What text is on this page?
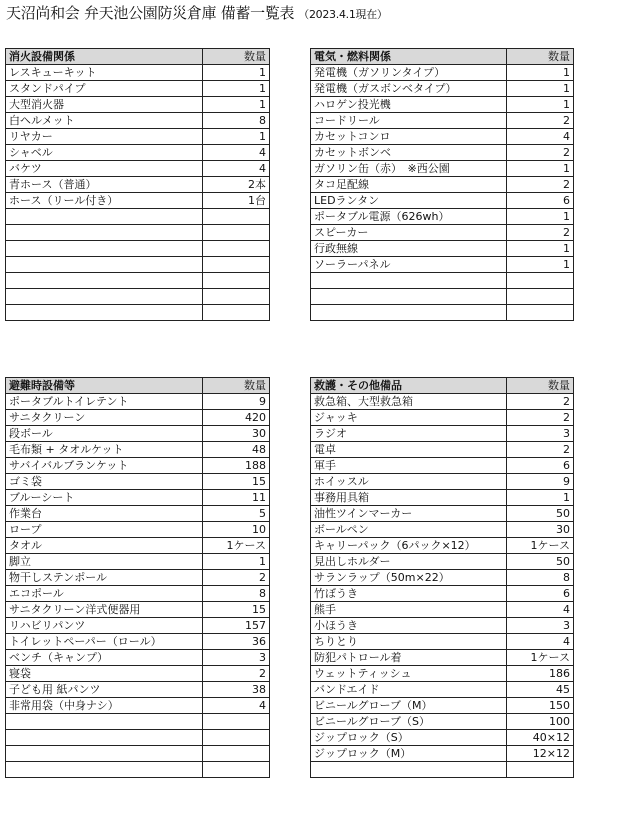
天沼尚和会 弁天池公園防災倉庫 備蓄一覧表 （2023.4.1現在）
消火設備関係	数量
レスキューキット	1
スタンドパイプ	1
大型消火器	1
白ヘルメット	8
リヤカー	1
シャベル	4
バケツ	4
青ホース（普通）	2本
ホース（リール付き）	1台

電気・燃料関係	数量
発電機（ガソリンタイプ）	1
発電機（ガスボンベタイプ）	1
ハロゲン投光機	1
コードリール	2
カセットコンロ	4
カセットボンベ	2
ガソリン缶（赤）　※西公園	1
タコ足配線	2
LEDランタン	6
ポータブル電源（626wh）	1
スピーカー	2
行政無線	1
ソーラーパネル	1

避難時設備等	数量
ポータブルトイレテント	9
サニタクリーン	420
段ボール	30
毛布類 + タオルケット	48
サバイバルブランケット	188
ゴミ袋	15
ブルーシート	11
作業台	5
ロープ	10
タオル	1ケース
脚立	1
物干しステンポール	2
エコポール	8
サニタクリーン洋式便器用	15
リハビリパンツ	157
トイレットペーパー（ロール）	36
ベンチ（キャンプ）	3
寝袋	2
子ども用 紙パンツ	38
非常用袋（中身ナシ）	4

救護・その他備品	数量
救急箱、大型救急箱	2
ジャッキ	2
ラジオ	3
電卓	2
軍手	6
ホイッスル	9
事務用具箱	1
油性ツインマーカー	50
ボールペン	30
キャリーパック（6パック×12）	1ケース
見出しホルダー	50
サランラップ（50m×22）	8
竹ぼうき	6
熊手	4
小ほうき	3
ちりとり	4
防犯パトロール着	1ケース
ウェットティッシュ	186
バンドエイド	45
ビニールグローブ（M）	150
ビニールグローブ（S）	100
ジップロック（S）	40×12
ジップロック（M）	12×12
